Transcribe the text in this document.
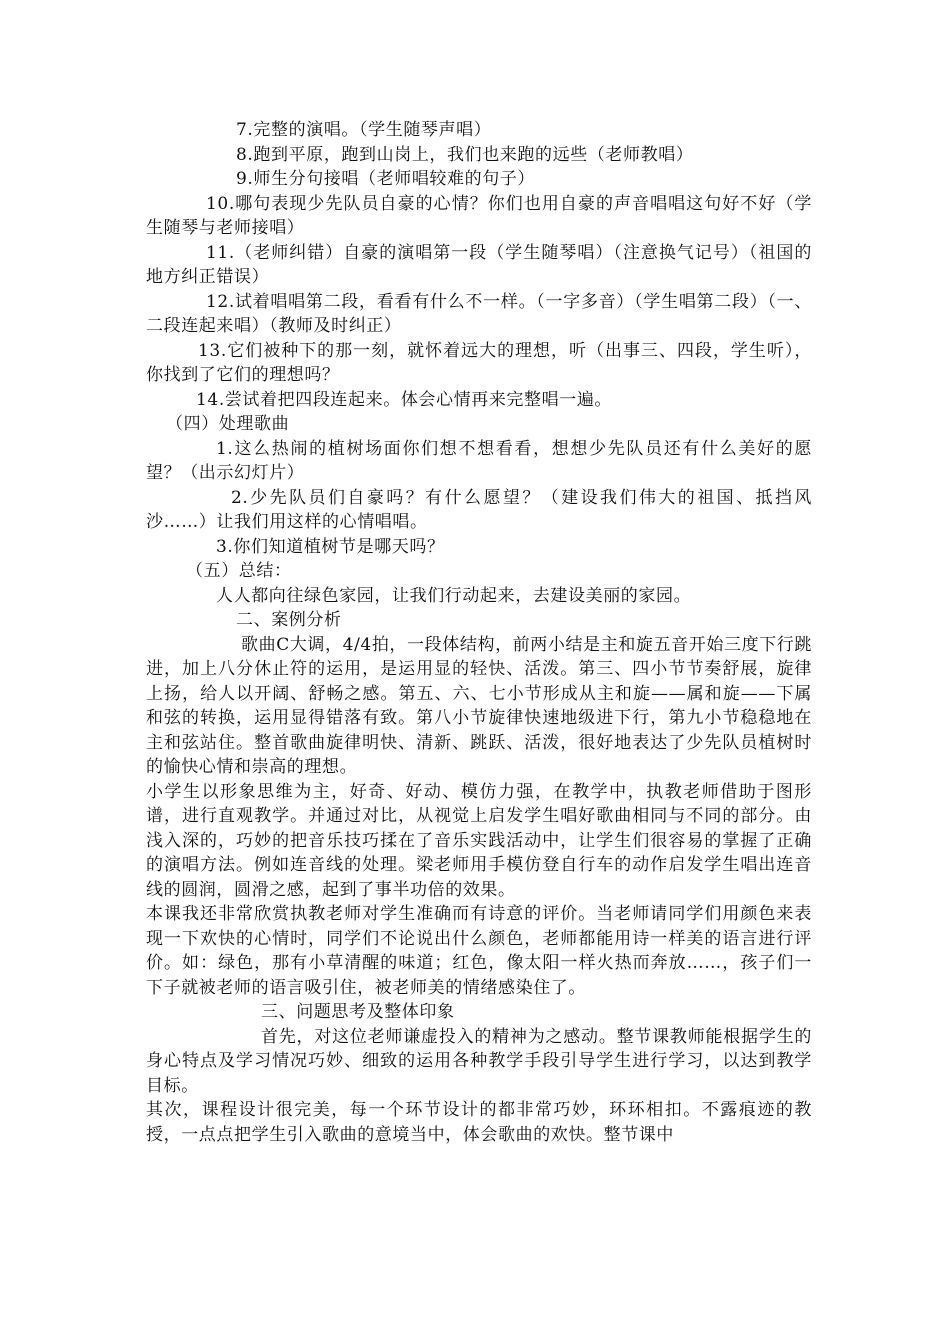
7.完整的演唱。（学生随琴声唱）

8.跑到平原，跑到山岗上，我们也来跑的远些（老师教唱）

9.师生分句接唱（老师唱较难的句子）

10.哪句表现少先队员自豪的心情？你们也用自豪的声音唱唱这句好不好（学生随琴与老师接唱）

11.（老师纠错）自豪的演唱第一段（学生随琴唱）（注意换气记号）（祖国的地方纠正错误）

12.试着唱唱第二段，看看有什么不一样。（一字多音）（学生唱第二段）（一、二段连起来唱）（教师及时纠正）

13.它们被种下的那一刻，就怀着远大的理想，听（出事三、四段，学生听），你找到了它们的理想吗？

14.尝试着把四段连起来。体会心情再来完整唱一遍。

（四）处理歌曲

1.这么热闹的植树场面你们想不想看看，想想少先队员还有什么美好的愿望？（出示幻灯片）

2.少先队员们自豪吗？有什么愿望？（建设我们伟大的祖国、抵挡风沙……）让我们用这样的心情唱唱。

3.你们知道植树节是哪天吗？

（五）总结：

人人都向往绿色家园，让我们行动起来，去建设美丽的家园。

二、案例分析

歌曲C大调，4/4拍，一段体结构，前两小结是主和旋五音开始三度下行跳进，加上八分休止符的运用，是运用显的轻快、活泼。第三、四小节节奏舒展，旋律上扬，给人以开阔、舒畅之感。第五、六、七小节形成从主和旋——属和旋——下属和弦的转换，运用显得错落有致。第八小节旋律快速地级进下行，第九小节稳稳地在主和弦站住。整首歌曲旋律明快、清新、跳跃、活泼，很好地表达了少先队员植树时的愉快心情和崇高的理想。

小学生以形象思维为主，好奇、好动、模仿力强，在教学中，执教老师借助于图形谱，进行直观教学。并通过对比，从视觉上启发学生唱好歌曲相同与不同的部分。由浅入深的，巧妙的把音乐技巧揉在了音乐实践活动中，让学生们很容易的掌握了正确的演唱方法。例如连音线的处理。梁老师用手模仿登自行车的动作启发学生唱出连音线的圆润，圆滑之感，起到了事半功倍的效果。

本课我还非常欣赏执教老师对学生准确而有诗意的评价。当老师请同学们用颜色来表现一下欢快的心情时，同学们不论说出什么颜色，老师都能用诗一样美的语言进行评价。如：绿色，那有小草清醒的味道；红色，像太阳一样火热而奔放……，孩子们一下子就被老师的语言吸引住，被老师美的情绪感染住了。

三、问题思考及整体印象

首先，对这位老师谦虚投入的精神为之感动。整节课教师能根据学生的身心特点及学习情况巧妙、细致的运用各种教学手段引导学生进行学习，以达到教学目标。

其次，课程设计很完美，每一个环节设计的都非常巧妙，环环相扣。不露痕迹的教授，一点点把学生引入歌曲的意境当中，体会歌曲的欢快。整节课中
